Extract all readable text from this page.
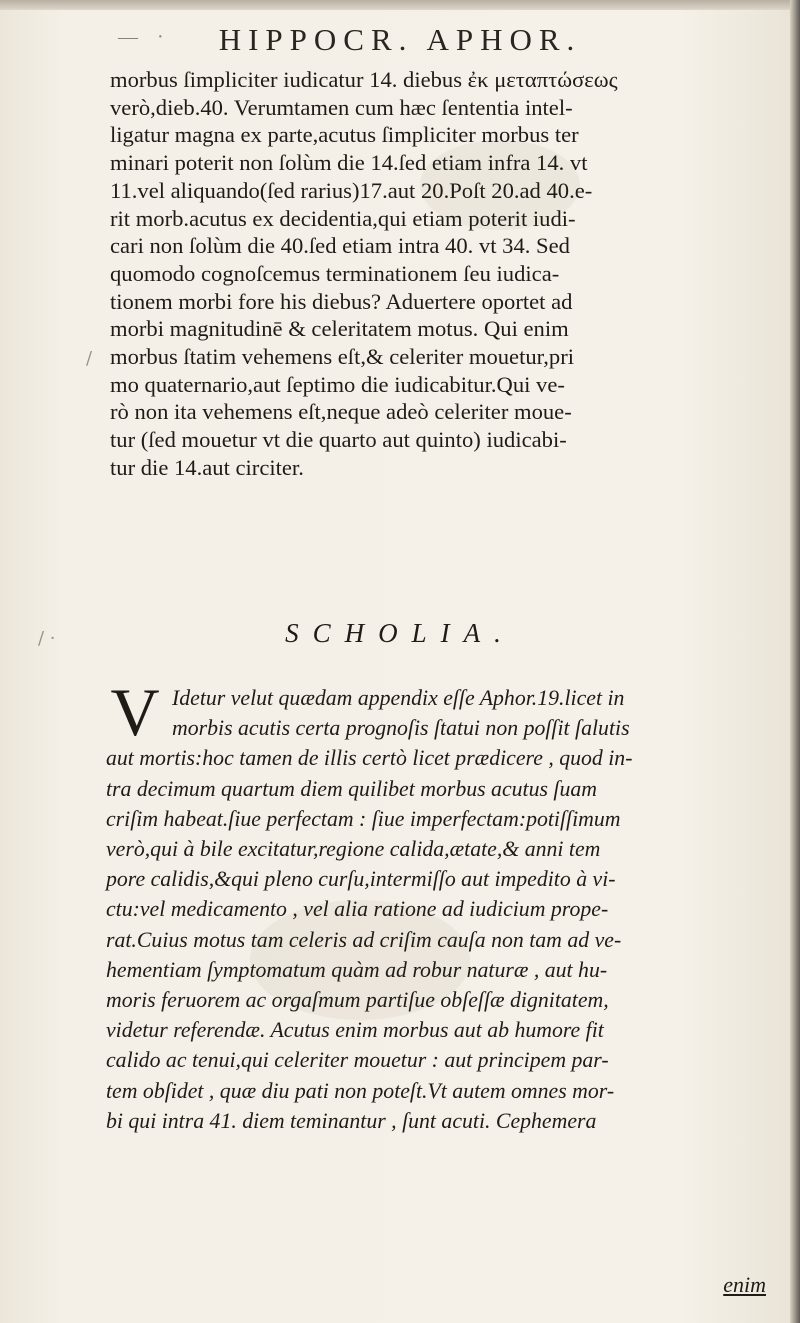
— · HIPPOCR. APHOR.
morbus ſimpliciter iudicatur 14. diebus ἐκ μεταπτώσεως
verò,dieb.40. Verumtamen cum hæc ſententia intel-
ligatur magna ex parte,acutus ſimpliciter morbus ter
minari poterit non ſolùm die 14.ſed etiam infra 14. vt
11.vel aliquando(ſed rarius)17.aut 20.Poſt 20.ad 40.e-
rit morb.acutus ex decidentia,qui etiam poterit iudi-
cari non ſolùm die 40.ſed etiam intra 40. vt 34. Sed
quomodo cognoſcemus terminationem ſeu iudica-
tionem morbi fore his diebus? Aduertere oportet ad
morbi magnitudinē & celeritatem motus. Qui enim
morbus ſtatim vehemens eſt,& celeriter mouetur,pri
mo quaternario,aut ſeptimo die iudicabitur.Qui ve-
rò non ita vehemens eſt,neque adeò celeriter moue-
tur (ſed mouetur vt die quarto aut quinto) iudicabi-
tur die 14.aut circiter.
/
/ ·	SCHOLIA.
V Idetur velut quædam appendix eſſe Aphor.19.licet in
morbis acutis certa prognoſis ſtatui non poſſit ſalutis
aut mortis:hoc tamen de illis certò licet prædicere , quod in-
tra decimum quartum diem quilibet morbus acutus ſuam
criſim habeat.ſiue perfectam : ſiue imperfectam:potiſſimum
verò,qui à bile excitatur,regione calida,ætate,& anni tem
pore calidis,&qui pleno curſu,intermiſſo aut impedito à vi-
ctu:vel medicamento , vel alia ratione ad iudicium prope-
rat.Cuius motus tam celeris ad criſim cauſa non tam ad ve-
hementiam ſymptomatum quàm ad robur naturæ , aut hu-
moris feruorem ac orgaſmum partiſue obſeſſæ dignitatem,
videtur referendæ. Acutus enim morbus aut ab humore fit
calido ac tenui,qui celeriter mouetur : aut principem par-
tem obſidet , quæ diu pati non poteſt.Vt autem omnes mor-
bi qui intra 41. diem teminantur , ſunt acuti. Cephemera
enim
